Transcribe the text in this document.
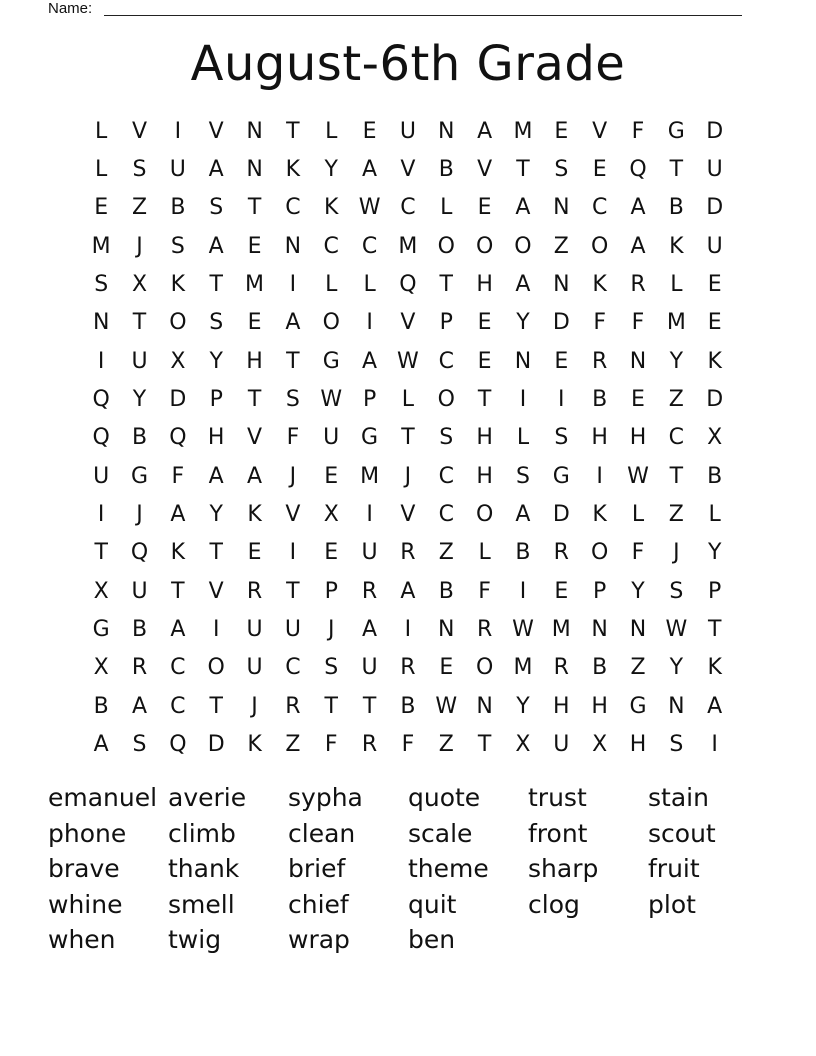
Name:
August-6th Grade
L	V	I	V	N	T	L	E	U	N	A M E	V	F	G D
L	S	U	A	N	K	Y	A	V	B	V	T	S	E	Q	T	U
E	Z	B	S	T	C	K W C	L	E	A	N	C	A	B	D
M	J	S	A	E	N	C	C M O O O	Z	O	A	K	U
S	X	K	T	M	I	L	L	Q	T	H	A	N	K	R	L	E
N	T	O	S	E	A	O	I	V	P	E	Y	D	F	F	M E
I	U	X	Y	H	T	G	A W C	E	N	E	R	N	Y	K
Q	Y	D	P	T	S W P	L	O	T	I	I	B	E	Z	D
Q	B	Q H	V	F	U G	T	S	H	L	S	H H	C	X
U G	F	A	A	J	E M	J	C	H	S	G	I	W T	B
I	J	A	Y	K	V	X	I	V	C O	A	D	K	L	Z	L
T	Q	K	T	E	I	E	U	R	Z	L	B	R	O	F	J	Y
X	U	T	V	R	T	P	R	A	B	F	I	E	P	Y	S	P
G	B	A	I	U	U	J	A	I	N	R W M N N W T
X	R	C O U	C	S	U	R	E	O M R	B	Z	Y	K
B	A	C	T	J	R	T	T	B W N	Y	H H G N	A
A	S	Q D	K	Z	F	R	F	Z	T	X	U	X	H	S	I
emanuel averie	sypha	quote	trust	stain
phone	climb	clean	scale	front	scout
brave	thank	brief	theme	sharp	fruit
whine	smell	chief	quit	clog	plot
when	twig	wrap	ben
